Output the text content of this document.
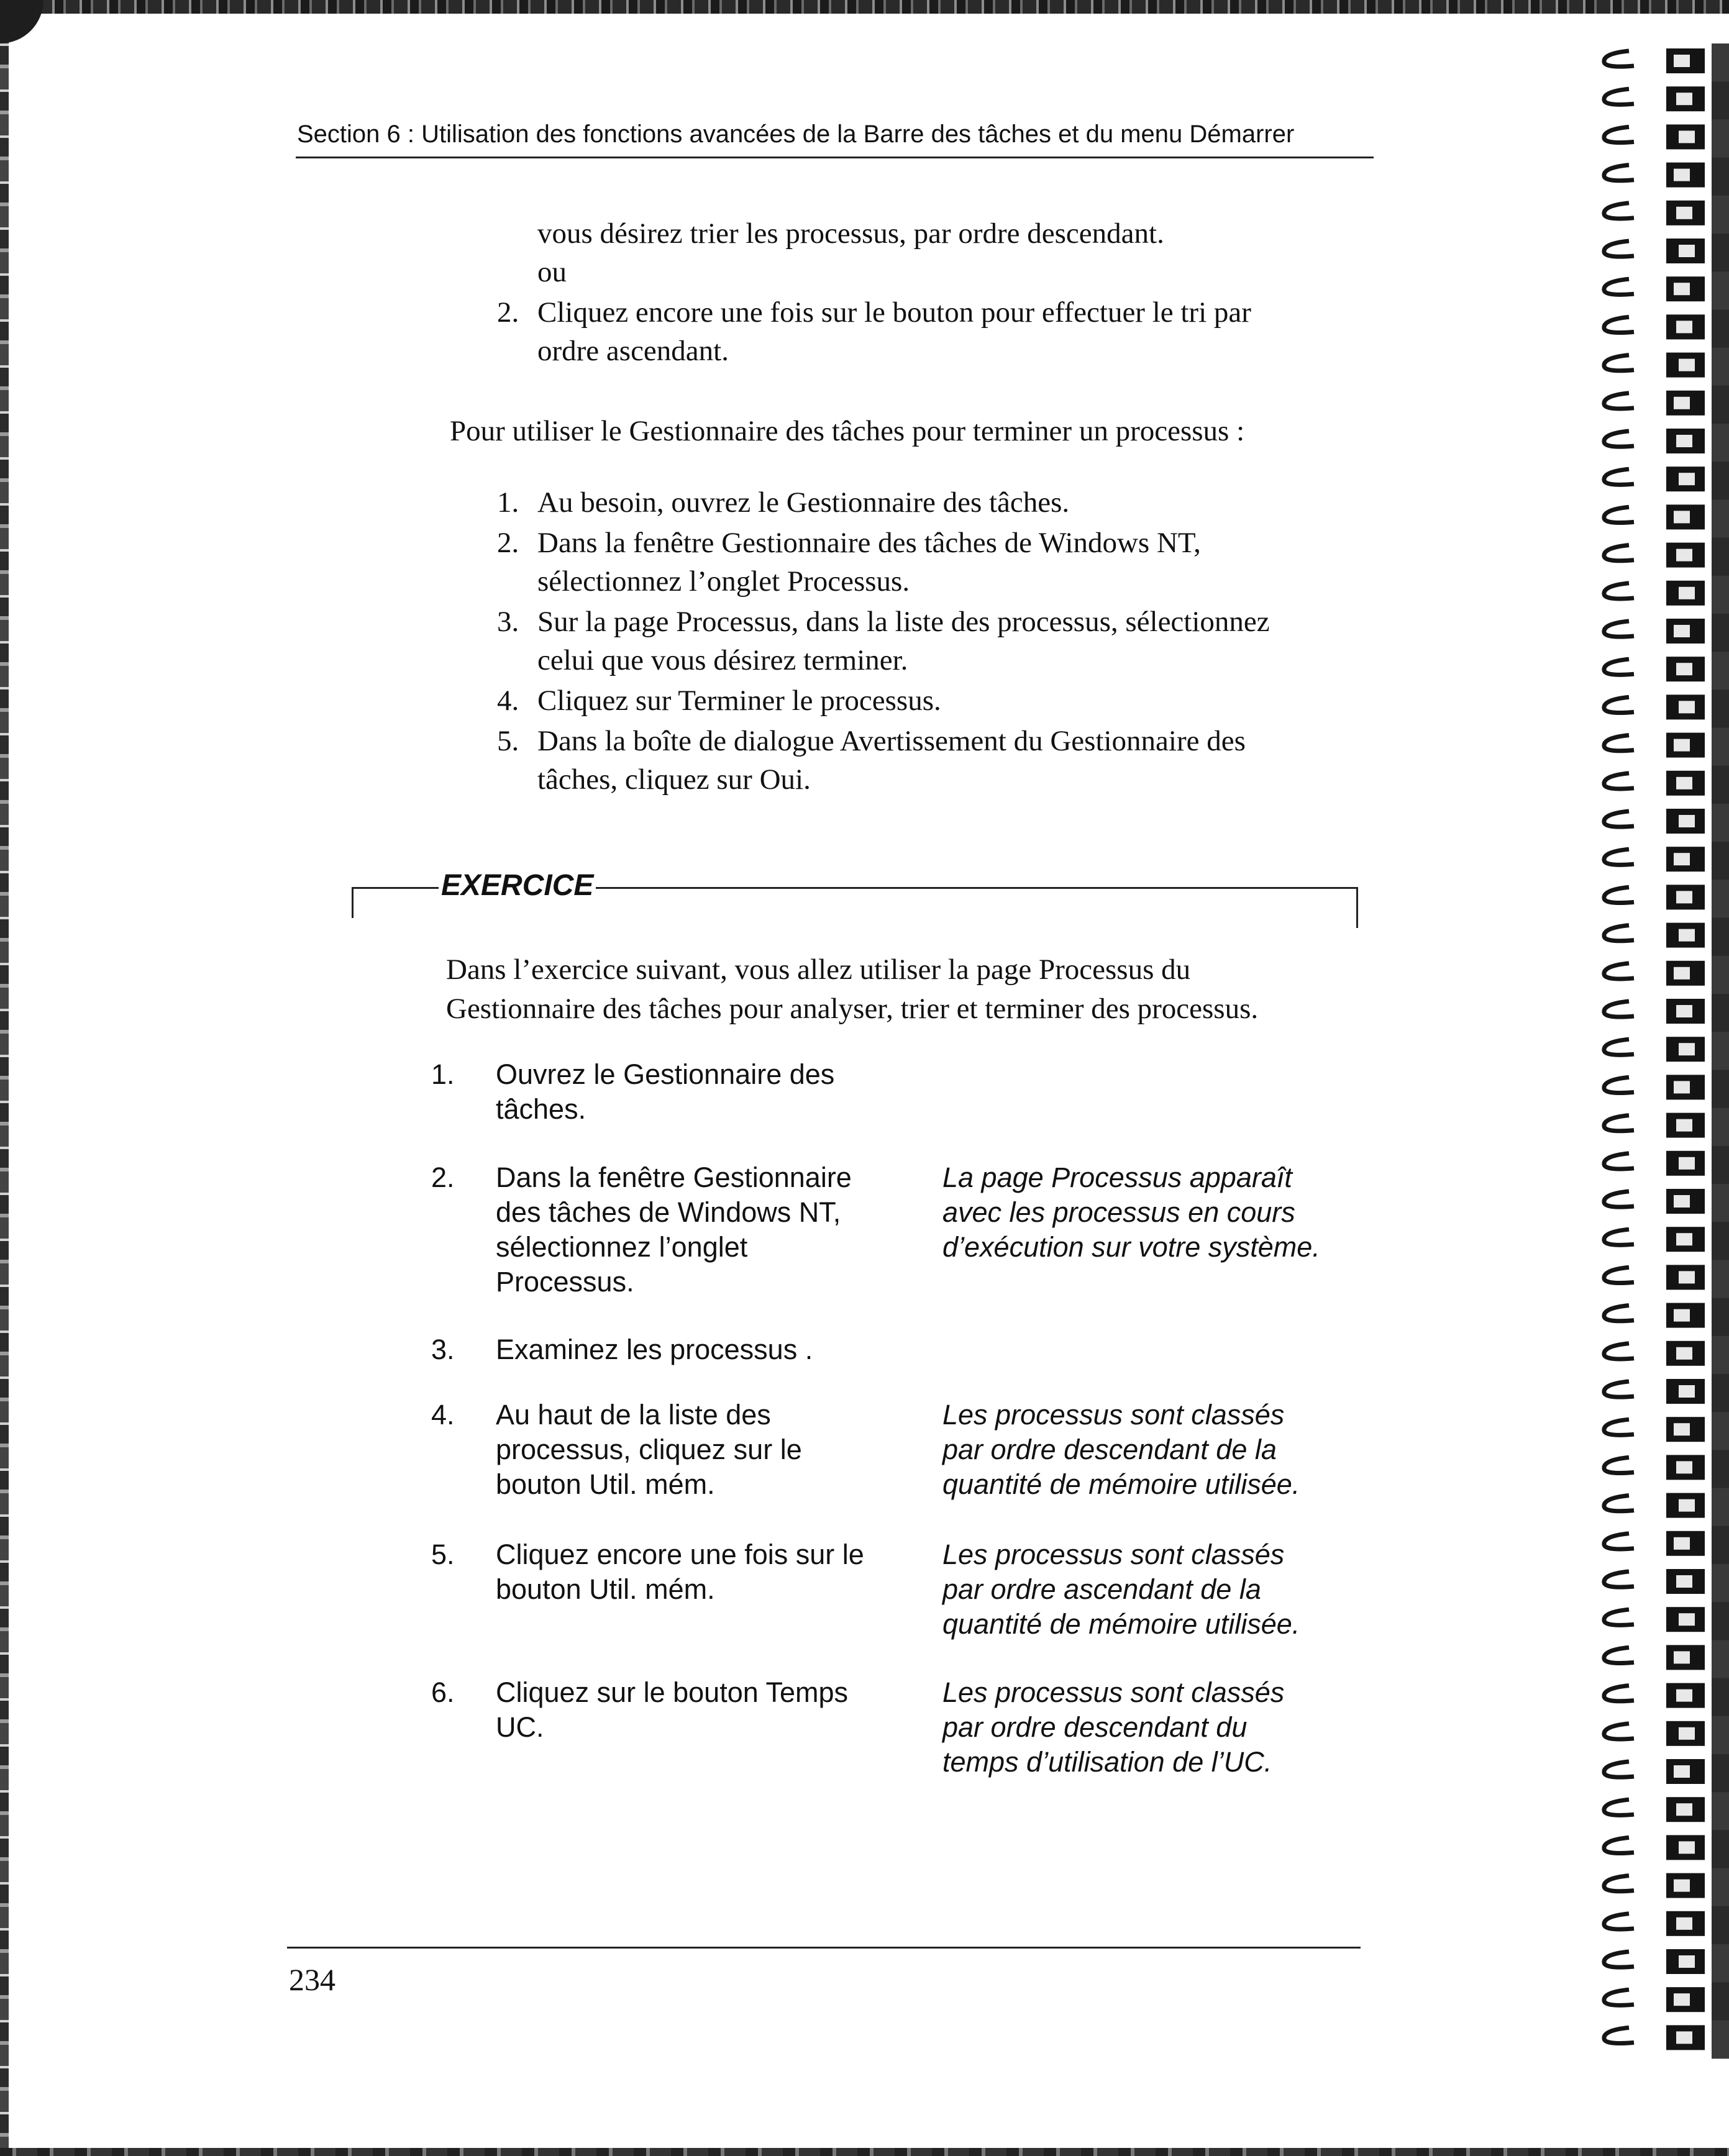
Section 6 : Utilisation des fonctions avancées de la Barre des tâches et du menu Démarrer
vous désirez trier les processus, par ordre descendant.
ou
2. Cliquez encore une fois sur le bouton pour effectuer le tri par
ordre ascendant.
Pour utiliser le Gestionnaire des tâches pour terminer un processus :
1. Au besoin, ouvrez le Gestionnaire des tâches.
2. Dans la fenêtre Gestionnaire des tâches de Windows NT,
sélectionnez l’onglet Processus.
3. Sur la page Processus, dans la liste des processus, sélectionnez
celui que vous désirez terminer.
4. Cliquez sur Terminer le processus.
5. Dans la boîte de dialogue Avertissement du Gestionnaire des
tâches, cliquez sur Oui.
EXERCICE
Dans l’exercice suivant, vous allez utiliser la page Processus du
Gestionnaire des tâches pour analyser, trier et terminer des processus.
1. Ouvrez le Gestionnaire des
tâches.
2. Dans la fenêtre Gestionnaire
des tâches de Windows NT,
sélectionnez l’onglet
Processus.
La page Processus apparaît
avec les processus en cours
d’exécution sur votre système.
3. Examinez les processus .
4. Au haut de la liste des
processus, cliquez sur le
bouton Util. mém.
Les processus sont classés
par ordre descendant de la
quantité de mémoire utilisée.
5. Cliquez encore une fois sur le
bouton Util. mém.
Les processus sont classés
par ordre ascendant de la
quantité de mémoire utilisée.
6. Cliquez sur le bouton Temps
UC.
Les processus sont classés
par ordre descendant du
temps d’utilisation de l’UC.
234
